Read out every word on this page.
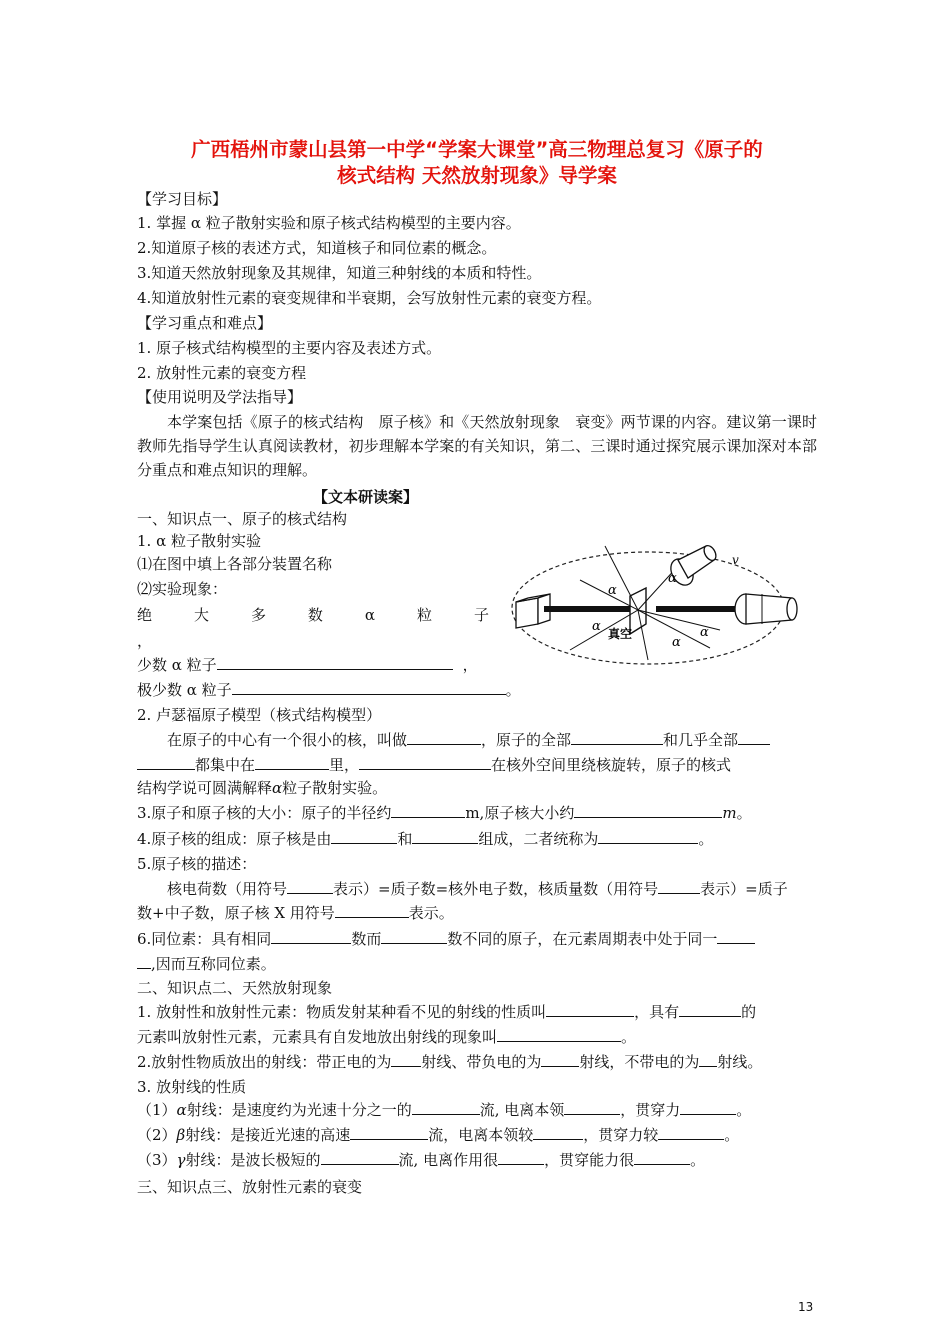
广西梧州市蒙山县第一中学“学案大课堂”高三物理总复习《原子的
核式结构 天然放射现象》导学案
【学习目标】
1. 掌握 α 粒子散射实验和原子核式结构模型的主要内容。
2.知道原子核的表述方式，知道核子和同位素的概念。
3.知道天然放射现象及其规律，知道三种射线的本质和特性。
4.知道放射性元素的衰变规律和半衰期，会写放射性元素的衰变方程。
【学习重点和难点】
1. 原子核式结构模型的主要内容及表述方式。
2. 放射性元素的衰变方程
【使用说明及学法指导】
本学案包括《原子的核式结构　原子核》和《天然放射现象　衰变》两节课的内容。建议第一课时教师先指导学生认真阅读教材，初步理解本学案的有关知识，第二、三课时通过探究展示课加深对本部分重点和难点知识的理解。
【文本研读案】
一、知识点一、原子的核式结构
1. α 粒子散射实验
⑴在图中填上各部分装置名称
⑵实验现象：
绝	大	多	数	α	粒	子
，
少数 α 粒子	，
极少数 α 粒子	。
2. 卢瑟福原子模型（核式结构模型）
在原子的中心有一个很小的核，叫做	，原子的全部	和几乎全部
都集中在	里，	在核外空间里绕核旋转，原子的核式
结构学说可圆满解释α粒子散射实验。
3.原子和原子核的大小：原子的半径约	m,原子核大小约	m。
4.原子核的组成：原子核是由	和	组成，二者统称为	。
5.原子核的描述：
核电荷数（用符号	表示）=质子数=核外电子数，核质量数（用符号	表示）=质子
数+中子数，原子核 X 用符号	表示。
6.同位素：具有相同	数而	数不同的原子，在元素周期表中处于同一
,因而互称同位素。
二、知识点二、天然放射现象
1. 放射性和放射性元素：物质发射某种看不见的射线的性质叫	，具有	的
元素叫放射性元素，元素具有自发地放出射线的现象叫	。
2.放射性物质放出的射线：带正电的为 射线、带负电的为	射线，不带电的为 射线。
3. 放射线的性质
（1）α射线：是速度约为光速十分之一的	流, 电离本领	，贯穿力	。
（2）β射线：是接近光速的高速	流，电离本领较	，贯穿力较	。
（3）γ射线：是波长极短的	流, 电离作用很	，贯穿能力很	。
三、知识点三、放射性元素的衰变
真空
v
α
α
α
α
α
13
